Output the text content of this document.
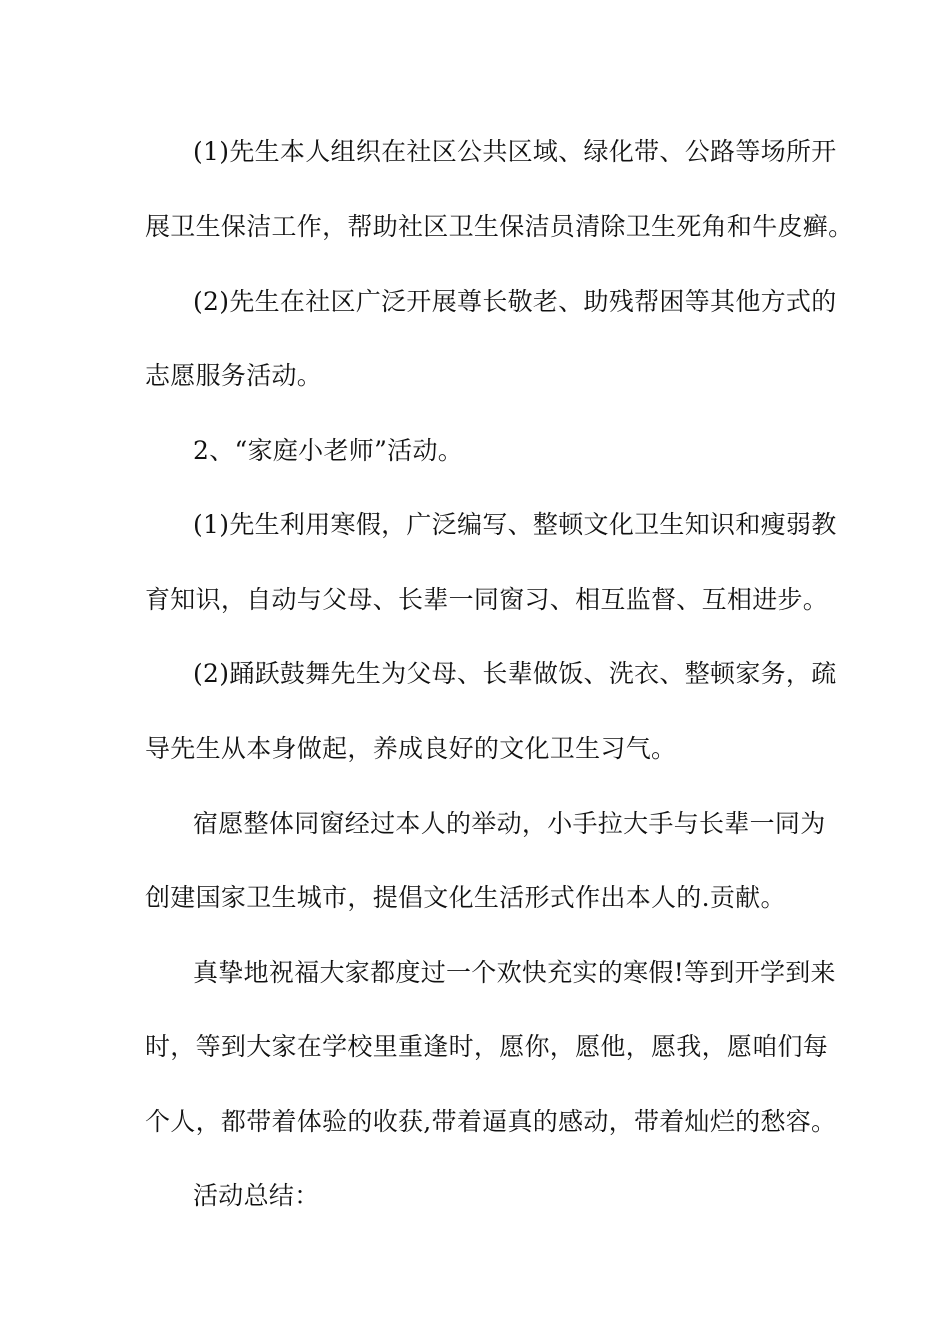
(1)先生本人组织在社区公共区域、绿化带、公路等场所开
展卫生保洁工作，帮助社区卫生保洁员清除卫生死角和牛皮癣。
(2)先生在社区广泛开展尊长敬老、助残帮困等其他方式的
志愿服务活动。
2、“家庭小老师”活动。
(1)先生利用寒假，广泛编写、整顿文化卫生知识和瘦弱教
育知识，自动与父母、长辈一同窗习、相互监督、互相进步。
(2)踊跃鼓舞先生为父母、长辈做饭、洗衣、整顿家务，疏
导先生从本身做起，养成良好的文化卫生习气。
宿愿整体同窗经过本人的举动，小手拉大手与长辈一同为
创建国家卫生城市，提倡文化生活形式作出本人的.贡献。
真挚地祝福大家都度过一个欢快充实的寒假!等到开学到来
时，等到大家在学校里重逢时，愿你，愿他，愿我，愿咱们每
个人，都带着体验的收获,带着逼真的感动，带着灿烂的愁容。
活动总结：
